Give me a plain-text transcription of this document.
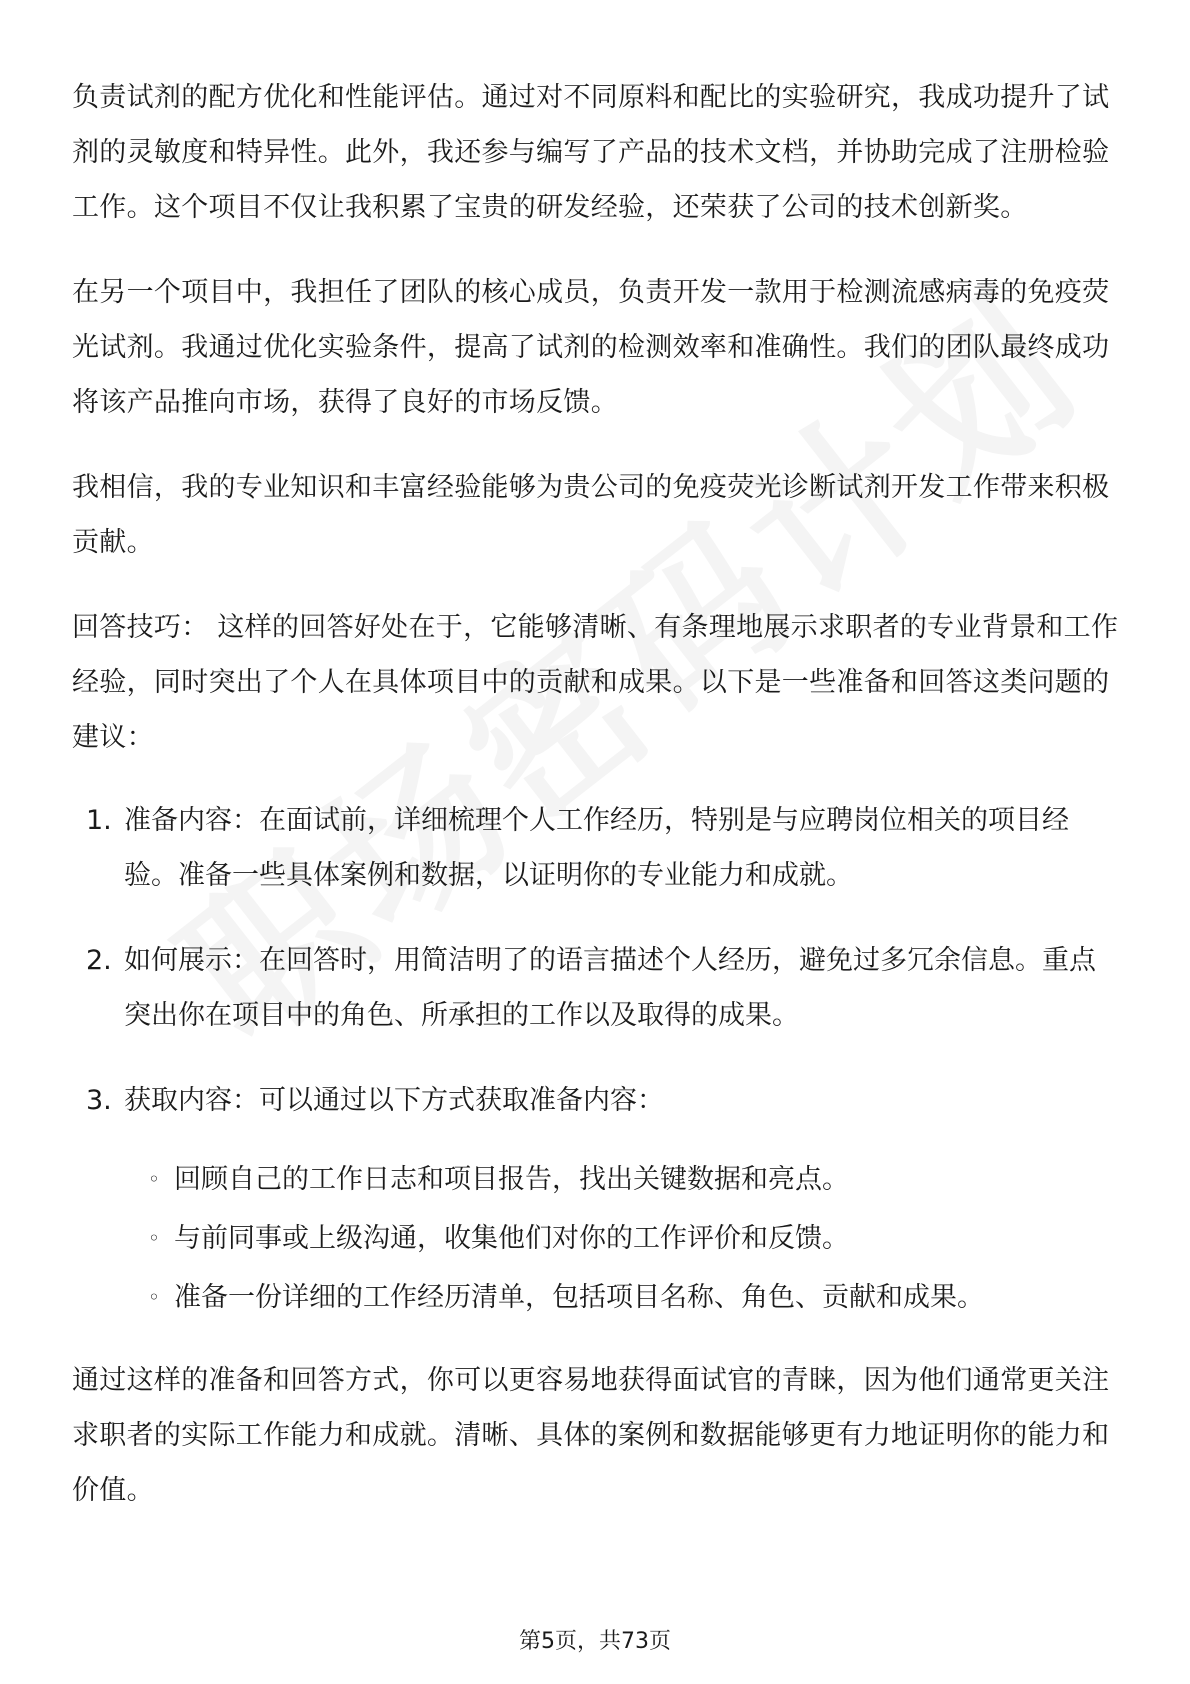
负责试剂的配方优化和性能评估。通过对不同原料和配比的实验研究，我成功提升了试剂的灵敏度和特异性。此外，我还参与编写了产品的技术文档，并协助完成了注册检验工作。这个项目不仅让我积累了宝贵的研发经验，还荣获了公司的技术创新奖。

在另一个项目中，我担任了团队的核心成员，负责开发一款用于检测流感病毒的免疫荧光试剂。我通过优化实验条件，提高了试剂的检测效率和准确性。我们的团队最终成功将该产品推向市场，获得了良好的市场反馈。

我相信，我的专业知识和丰富经验能够为贵公司的免疫荧光诊断试剂开发工作带来积极贡献。

回答技巧： 这样的回答好处在于，它能够清晰、有条理地展示求职者的专业背景和工作经验，同时突出了个人在具体项目中的贡献和成果。以下是一些准备和回答这类问题的建议：

1. 准备内容：在面试前，详细梳理个人工作经历，特别是与应聘岗位相关的项目经验。准备一些具体案例和数据，以证明你的专业能力和成就。
2. 如何展示：在回答时，用简洁明了的语言描述个人经历，避免过多冗余信息。重点突出你在项目中的角色、所承担的工作以及取得的成果。
3. 获取内容：可以通过以下方式获取准备内容：
◦ 回顾自己的工作日志和项目报告，找出关键数据和亮点。
◦ 与前同事或上级沟通，收集他们对你的工作评价和反馈。
◦ 准备一份详细的工作经历清单，包括项目名称、角色、贡献和成果。

通过这样的准备和回答方式，你可以更容易地获得面试官的青睐，因为他们通常更关注求职者的实际工作能力和成就。清晰、具体的案例和数据能够更有力地证明你的能力和价值。

第5页，共73页
